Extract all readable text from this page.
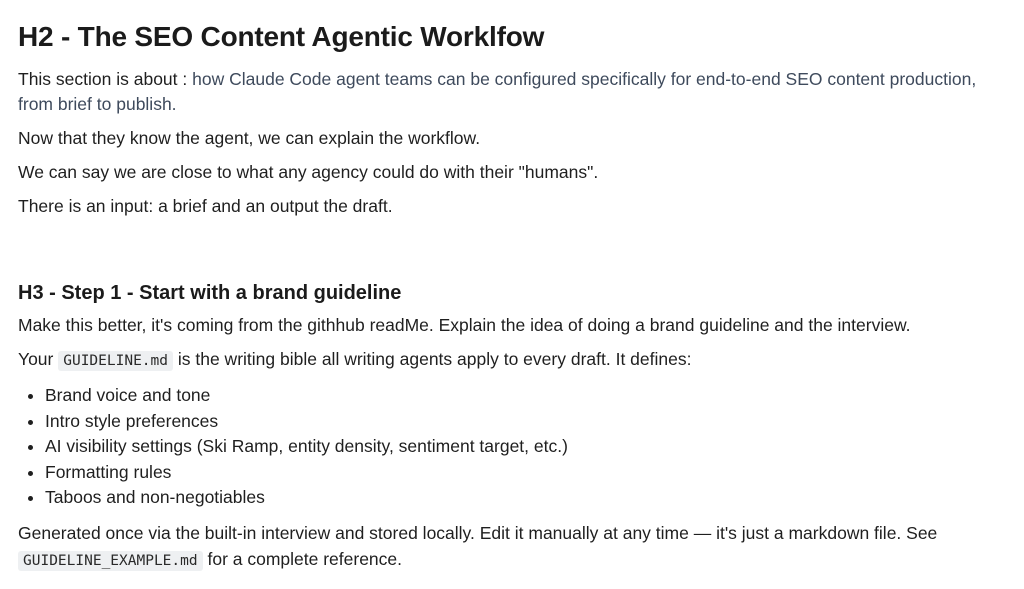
H2 - The SEO Content Agentic Worklfow

This section is about : how Claude Code agent teams can be configured specifically for end-to-end SEO content production, from brief to publish.

Now that they know the agent, we can explain the workflow.

We can say we are close to what any agency could do with their "humans".

There is an input: a brief and an output the draft.

H3 - Step 1 - Start with a brand guideline

Make this better, it's coming from the githhub readMe. Explain the idea of doing a brand guideline and the interview.

Your GUIDELINE.md is the writing bible all writing agents apply to every draft. It defines:

• Brand voice and tone
• Intro style preferences
• AI visibility settings (Ski Ramp, entity density, sentiment target, etc.)
• Formatting rules
• Taboos and non-negotiables

Generated once via the built-in interview and stored locally. Edit it manually at any time — it's just a markdown file. See GUIDELINE_EXAMPLE.md for a complete reference.
